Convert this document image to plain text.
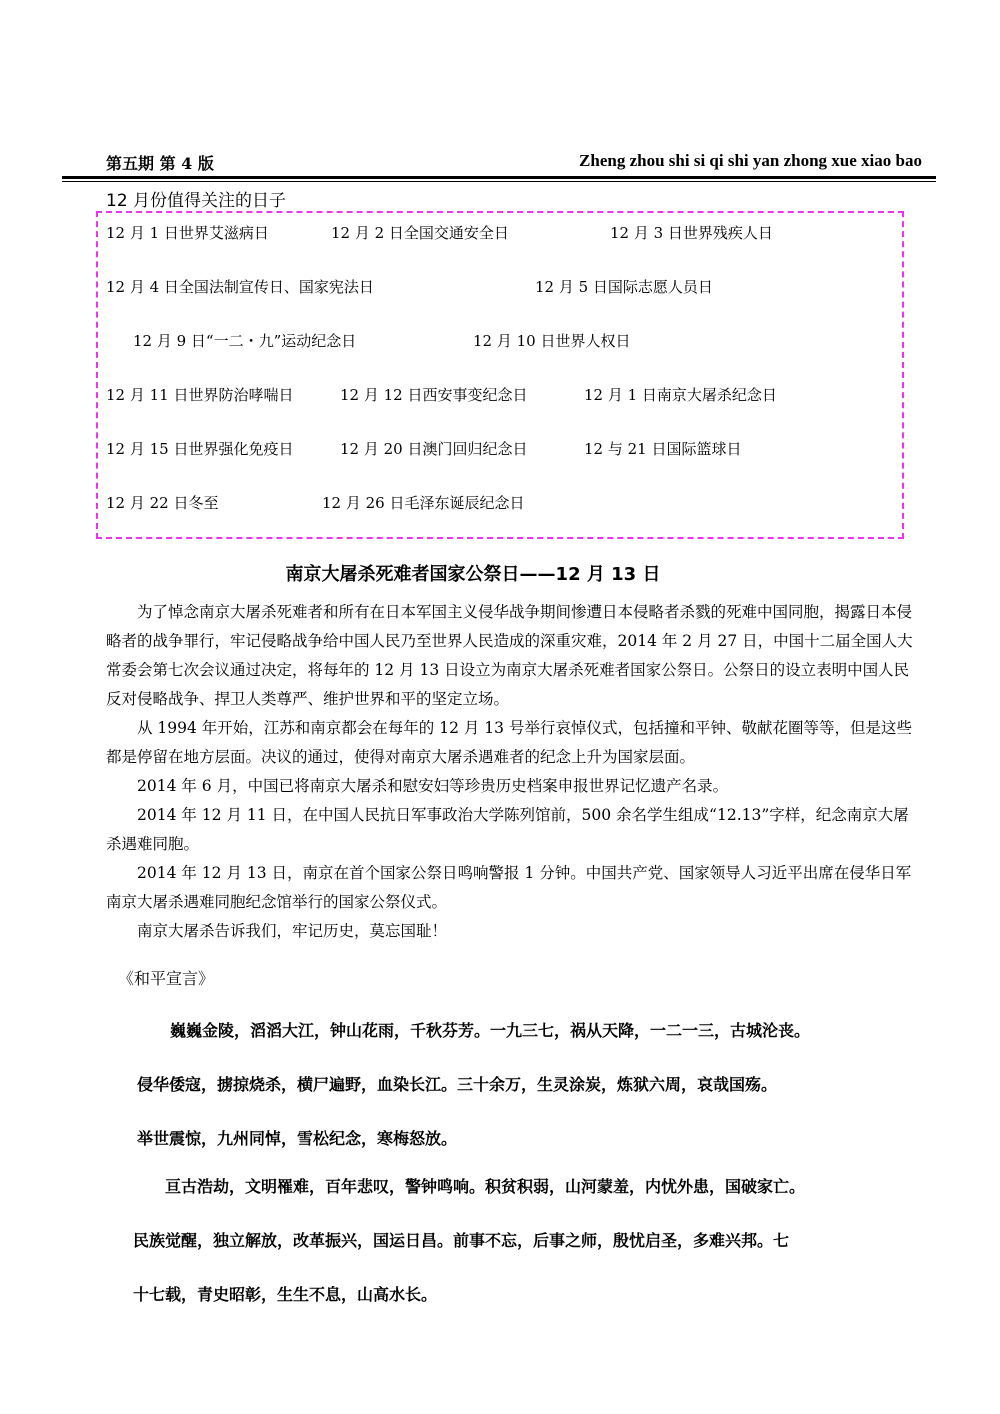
第五期 第 4 版	Zheng zhou shi si qi shi yan zhong xue xiao bao
12 月份值得关注的日子
12 月 1 日世界艾滋病日	12 月 2 日全国交通安全日	12 月 3 日世界残疾人日
12 月 4 日全国法制宣传日、国家宪法日	12 月 5 日国际志愿人员日
12 月 9 日“一二・九”运动纪念日	12 月 10 日世界人权日
12 月 11 日世界防治哮喘日	12 月 12 日西安事变纪念日	12 月 1 日南京大屠杀纪念日
12 月 15 日世界强化免疫日	12 月 20 日澳门回归纪念日	12 与 21 日国际篮球日
12 月 22 日冬至	12 月 26 日毛泽东诞辰纪念日
南京大屠杀死难者国家公祭日——12 月 13 日

为了悼念南京大屠杀死难者和所有在日本军国主义侵华战争期间惨遭日本侵略者杀戮的死难中国同胞，揭露日本侵略者的战争罪行，牢记侵略战争给中国人民乃至世界人民造成的深重灾难，2014 年 2 月 27 日，中国十二届全国人大常委会第七次会议通过决定，将每年的 12 月 13 日设立为南京大屠杀死难者国家公祭日。公祭日的设立表明中国人民反对侵略战争、捍卫人类尊严、维护世界和平的坚定立场。

从 1994 年开始，江苏和南京都会在每年的 12 月 13 号举行哀悼仪式，包括撞和平钟、敬献花圈等等，但是这些都是停留在地方层面。决议的通过，使得对南京大屠杀遇难者的纪念上升为国家层面。

2014 年 6 月，中国已将南京大屠杀和慰安妇等珍贵历史档案申报世界记忆遗产名录。

2014 年 12 月 11 日，在中国人民抗日军事政治大学陈列馆前，500 余名学生组成“12.13”字样，纪念南京大屠杀遇难同胞。

2014 年 12 月 13 日，南京在首个国家公祭日鸣响警报 1 分钟。中国共产党、国家领导人习近平出席在侵华日军南京大屠杀遇难同胞纪念馆举行的国家公祭仪式。

南京大屠杀告诉我们，牢记历史，莫忘国耻！

《和平宣言》
巍巍金陵，滔滔大江，钟山花雨，千秋芬芳。一九三七，祸从天降，一二一三，古城沦丧。
侵华倭寇，掳掠烧杀，横尸遍野，血染长江。三十余万，生灵涂炭，炼狱六周，哀哉国殇。
举世震惊，九州同悼，雪松纪念，寒梅怒放。
亘古浩劫，文明罹难，百年悲叹，警钟鸣响。积贫积弱，山河蒙羞，内忧外患，国破家亡。
民族觉醒，独立解放，改革振兴，国运日昌。前事不忘，后事之师，殷忧启圣，多难兴邦。七
十七载，青史昭彰，生生不息，山高水长。
